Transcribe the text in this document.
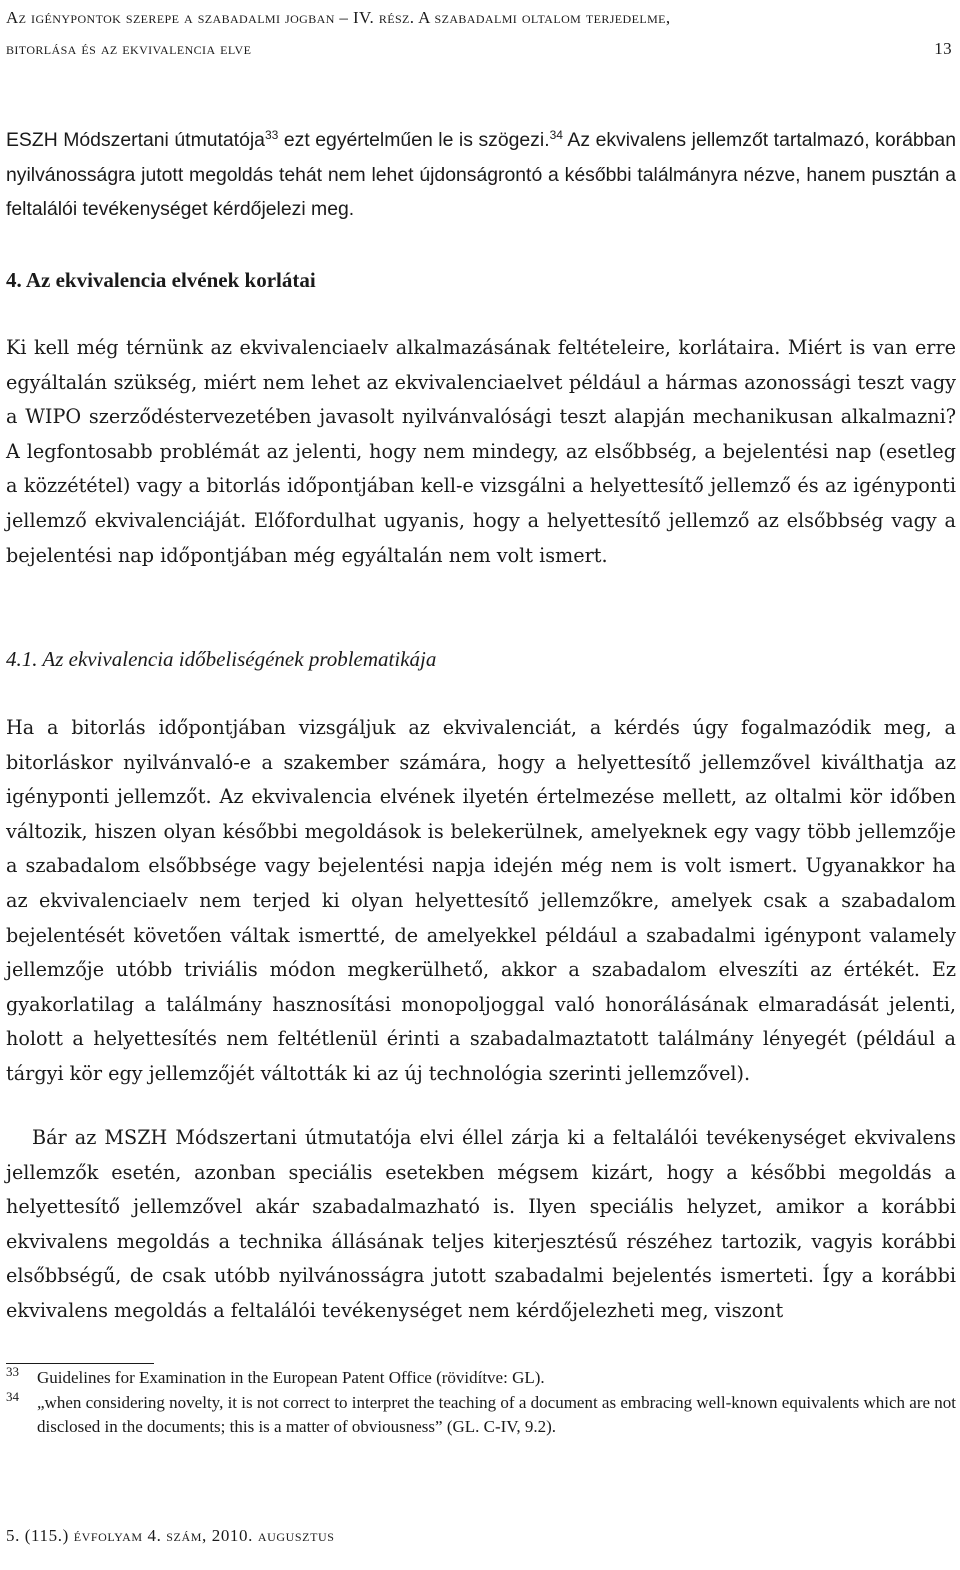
Az igénypontok szerepe a szabadalmi jogban – IV. rész. A szabadalmi oltalom terjedelme,
bitorlása és az ekvivalencia elve	13

ESZH Módszertani útmutatója$^{33}$ ezt egyértelműen le is szögezi.$^{34}$ Az ekvivalens jellemzőt tartalmazó, korábban nyilvánosságra jutott megoldás tehát nem lehet újdonságrontó a későbbi találmányra nézve, hanem pusztán a feltalálói tevékenységet kérdőjelezi meg.

4. Az ekvivalencia elvének korlátai

Ki kell még térnünk az ekvivalenciaelv alkalmazásának feltételeire, korlátaira. Miért is van erre egyáltalán szükség, miért nem lehet az ekvivalenciaelvet például a hármas azonossági teszt vagy a WIPO szerződéstervezetében javasolt nyilvánvalósági teszt alapján mechanikusan alkalmazni? A legfontosabb problémát az jelenti, hogy nem mindegy, az elsőbbség, a bejelentési nap (esetleg a közzététel) vagy a bitorlás időpontjában kell-e vizsgálni a helyettesítő jellemző és az igényponti jellemző ekvivalenciáját. Előfordulhat ugyanis, hogy a helyettesítő jellemző az elsőbbség vagy a bejelentési nap időpontjában még egyáltalán nem volt ismert.

4.1. Az ekvivalencia időbeliségének problematikája

Ha a bitorlás időpontjában vizsgáljuk az ekvivalenciát, a kérdés úgy fogalmazódik meg, a bitorláskor nyilvánvaló-e a szakember számára, hogy a helyettesítő jellemzővel kiválthatja az igényponti jellemzőt. Az ekvivalencia elvének ilyetén értelmezése mellett, az oltalmi kör időben változik, hiszen olyan későbbi megoldások is belekerülnek, amelyeknek egy vagy több jellemzője a szabadalom elsőbbsége vagy bejelentési napja idején még nem is volt ismert. Ugyanakkor ha az ekvivalenciaelv nem terjed ki olyan helyettesítő jellemzőkre, amelyek csak a szabadalom bejelentését követően váltak ismertté, de amelyekkel például a szabadalmi igénypont valamely jellemzője utóbb triviális módon megkerülhető, akkor a szabadalom elveszíti az értékét. Ez gyakorlatilag a találmány hasznosítási monopoljoggal való honorálásának elmaradását jelenti, holott a helyettesítés nem feltétlenül érinti a szabadalmaztatott találmány lényegét (például a tárgyi kör egy jellemzőjét váltották ki az új technológia szerinti jellemzővel).

Bár az MSZH Módszertani útmutatója elvi éllel zárja ki a feltalálói tevékenységet ekvivalens jellemzők esetén, azonban speciális esetekben mégsem kizárt, hogy a későbbi megoldás a helyettesítő jellemzővel akár szabadalmazható is. Ilyen speciális helyzet, amikor a korábbi ekvivalens megoldás a technika állásának teljes kiterjesztésű részéhez tartozik, vagyis korábbi elsőbbségű, de csak utóbb nyilvánosságra jutott szabadalmi bejelentés ismerteti. Így a korábbi ekvivalens megoldás a feltalálói tevékenységet nem kérdőjelezheti meg, viszont

33	Guidelines for Examination in the European Patent Office (rövidítve: GL).
34	„when considering novelty, it is not correct to interpret the teaching of a document as embracing well-known equivalents which are not disclosed in the documents; this is a matter of obviousness” (GL. C-IV, 9.2).
5. (115.) évfolyam 4. szám, 2010. augusztus
